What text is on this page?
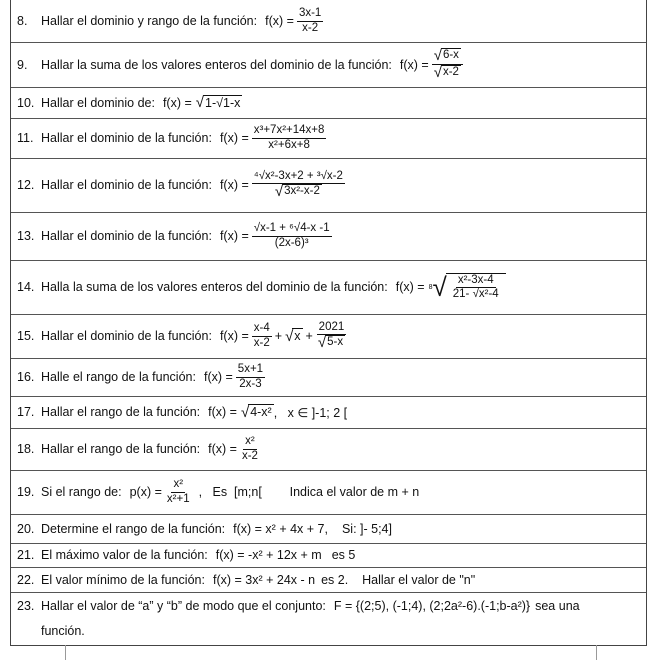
8.	Hallar el dominio y rango de la función: $f(x) = \frac{3x-1}{x-2}$
9.	Hallar la suma de los valores enteros del dominio de la función: $f(x) = \frac{√ 6-x}{√ x-2}$
10. Hallar el dominio de: f(x) = √ 1-√1-x
11. Hallar el dominio de la función: $f(x) = \frac{\text{x³+7x²+14x+8}}{\text{x²+6x+8}}$
12. Hallar el dominio de la función: $f(x) = \frac{\text{⁴√x²-3x+2 + ³√x-2}}{\text{√ 3x²-x-2}}$
13. Hallar el dominio de la función: $f(x) = \frac{\text{√x-1 + ⁶√4-x -1}}{\text{(2x-6)³}}$
14. Halla la suma de los valores enteros del dominio de la función: f(x) = 8 √ $\frac{\text{x²-3x-4}}{\text{21- √x²-4}}$
15. Hallar el dominio de la función: $f(x) = \frac{x-4}{x-2}$ + √ $x + \frac{2021}{√ 5-x}$
16. Halle el rango de la función: $f(x) = \frac{5x+1}{2x-3}$
17. Hallar el rango de la función: f(x) = √ 4-x² ,   x ∈ ]-1; 2 [
18. Hallar el rango de la función: $f(x) = \frac{\text{x²}}{x-2}$
19. Si el rango de: $p(x) = \frac{\text{x²}}{\text{x²+1}}$ ,   Es  [m;n[        Indica el valor de m + n
20. Determine el rango de la función: f(x) = x² + 4x + 7, Si: ]- 5;4]
21. El máximo valor de la función: f(x) = -x² + 12x + m es 5
22. El valor mínimo de la función: f(x) = 3x² + 24x - n es 2.    Hallar el valor de "n"
23. Hallar el valor de “a” y “b” de modo que el conjunto: F = {(2;5), (-1;4), (2;2a²-6).(-1;b-a²)} sea una
función.
